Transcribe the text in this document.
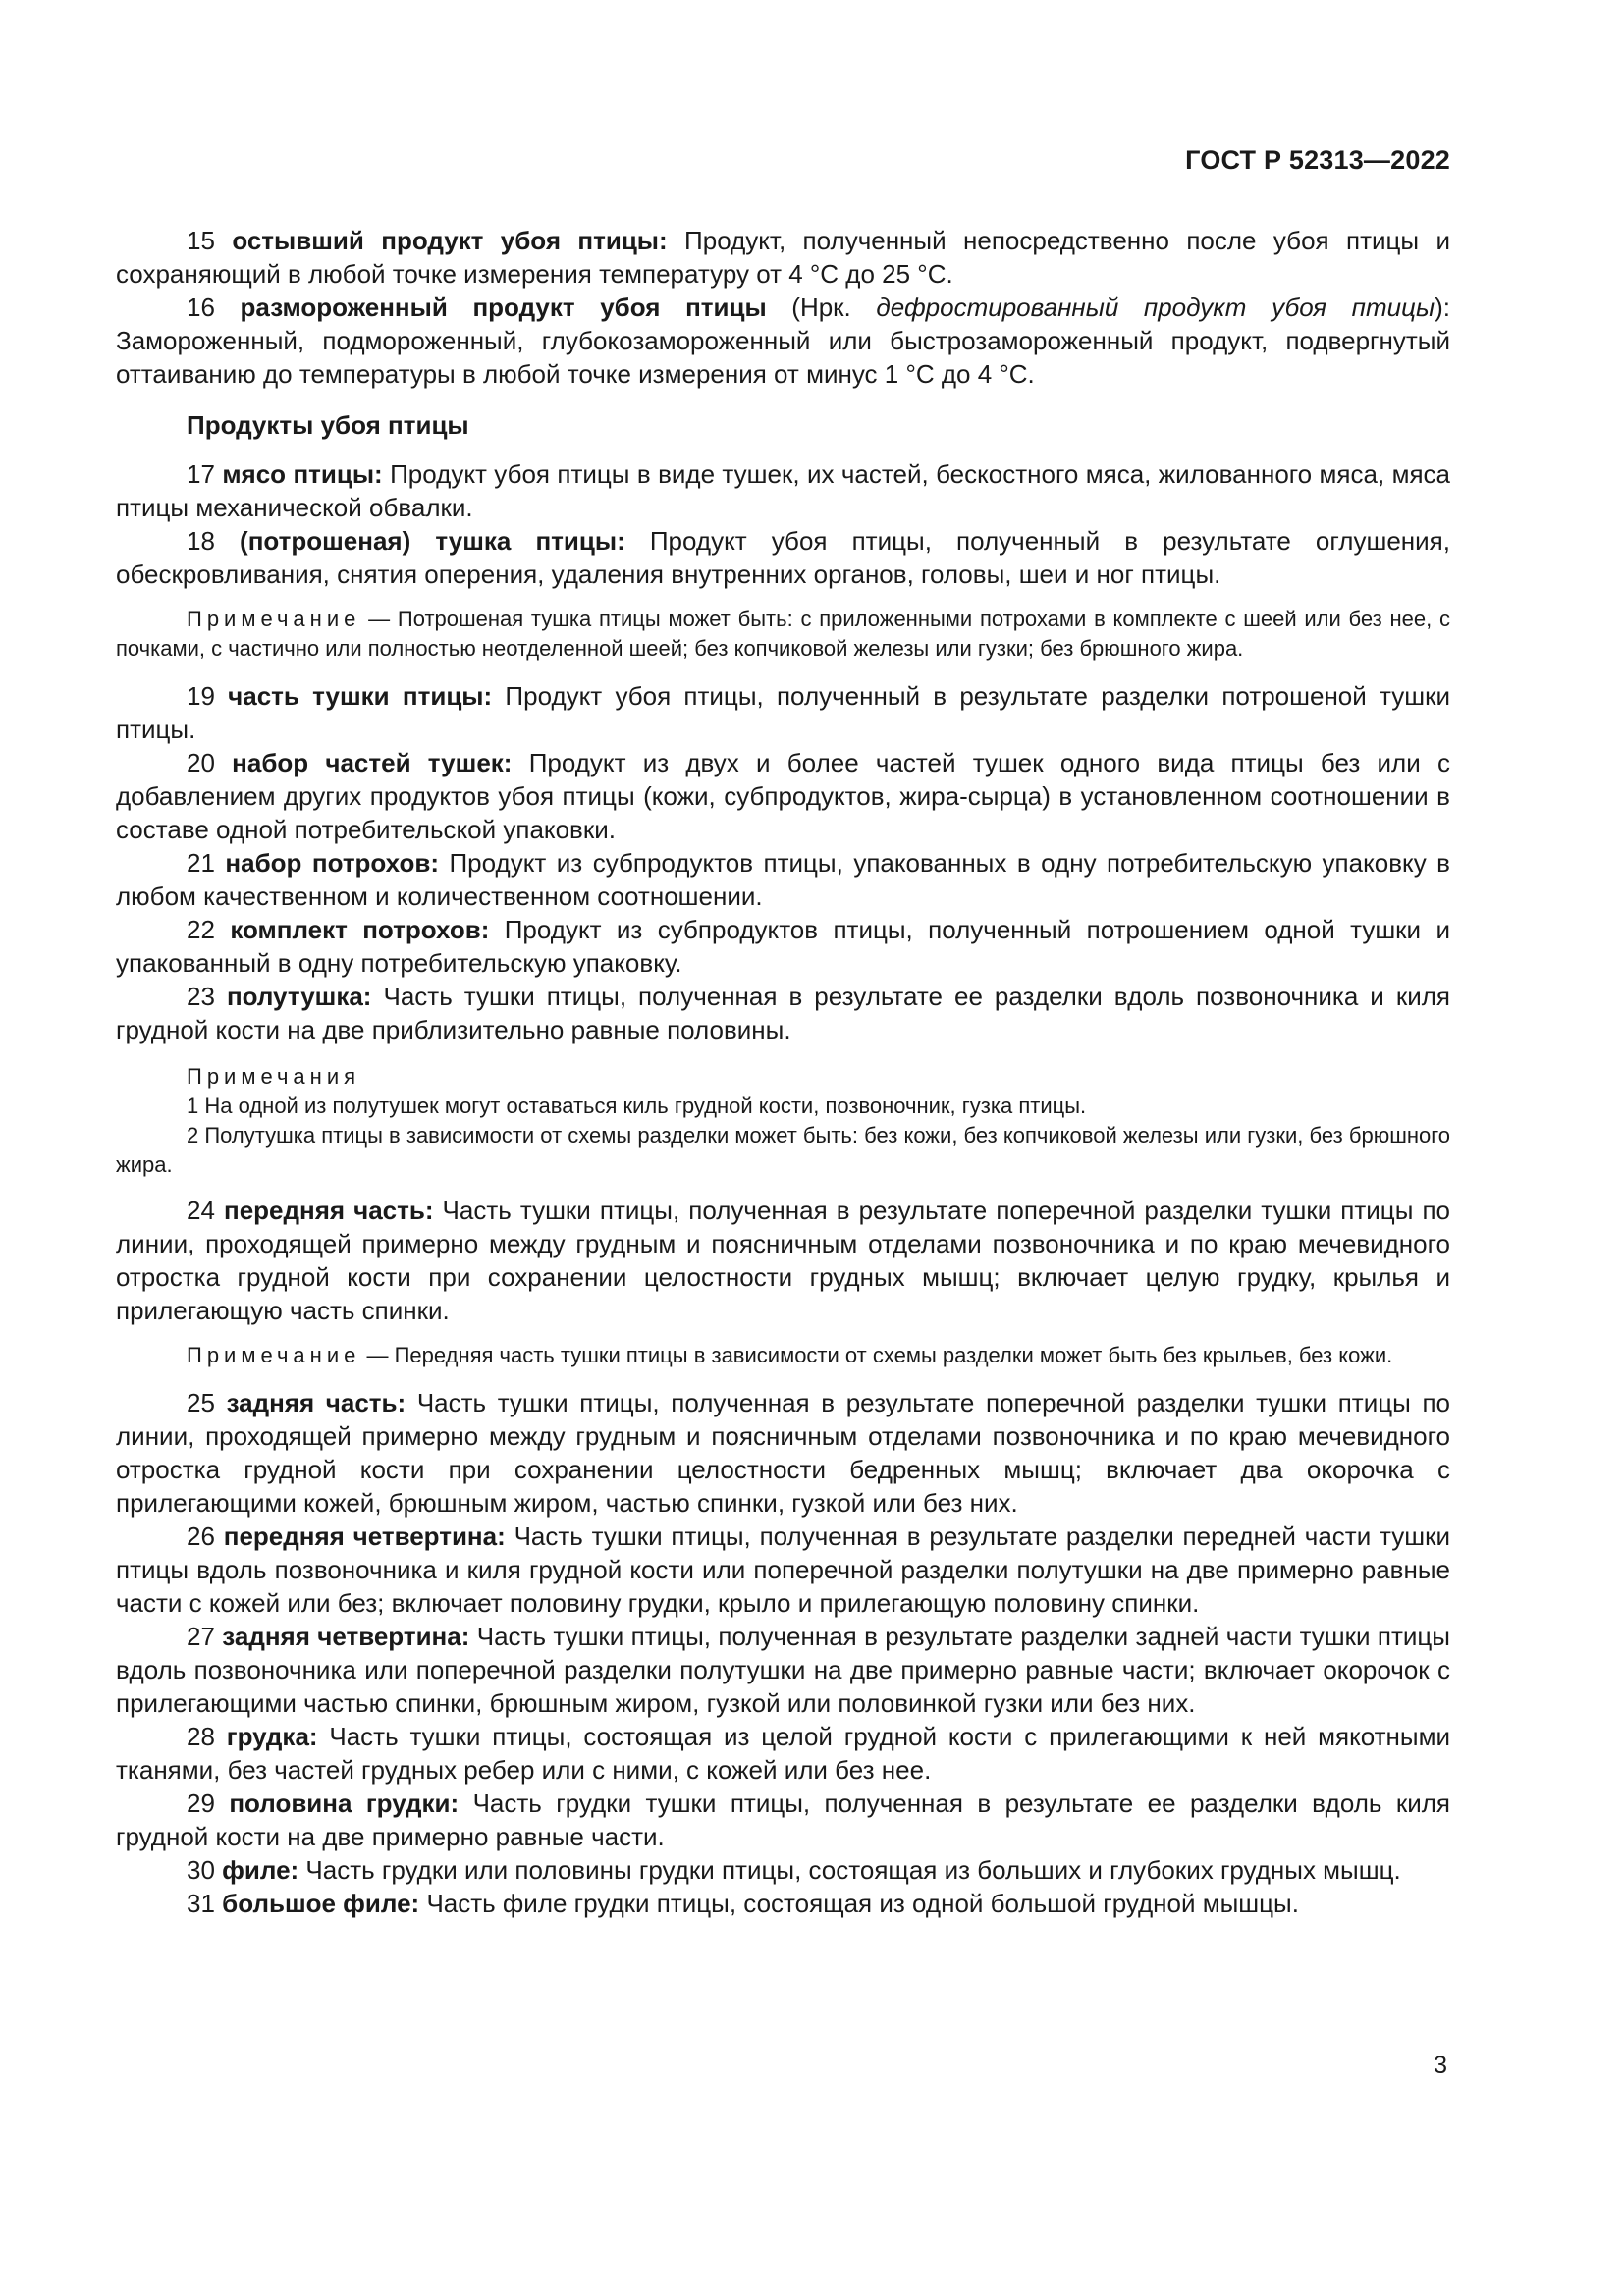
ГОСТ Р 52313—2022

15 остывший продукт убоя птицы: Продукт, полученный непосредственно после убоя птицы и сохраняющий в любой точке измерения температуру от 4 °С до 25 °С.

16 размороженный продукт убоя птицы (Нрк. дефростированный продукт убоя птицы): Замороженный, подмороженный, глубокозамороженный или быстрозамороженный продукт, подвергнутый оттаиванию до температуры в любой точке измерения от минус 1 °С до 4 °С.

Продукты убоя птицы

17 мясо птицы: Продукт убоя птицы в виде тушек, их частей, бескостного мяса, жилованного мяса, мяса птицы механической обвалки.

18 (потрошеная) тушка птицы: Продукт убоя птицы, полученный в результате оглушения, обескровливания, снятия оперения, удаления внутренних органов, головы, шеи и ног птицы.

Примечание — Потрошеная тушка птицы может быть: с приложенными потрохами в комплекте с шеей или без нее, с почками, с частично или полностью неотделенной шеей; без копчиковой железы или гузки; без брюшного жира.

19 часть тушки птицы: Продукт убоя птицы, полученный в результате разделки потрошеной тушки птицы.

20 набор частей тушек: Продукт из двух и более частей тушек одного вида птицы без или с добавлением других продуктов убоя птицы (кожи, субпродуктов, жира-сырца) в установленном соотношении в составе одной потребительской упаковки.

21 набор потрохов: Продукт из субпродуктов птицы, упакованных в одну потребительскую упаковку в любом качественном и количественном соотношении.

22 комплект потрохов: Продукт из субпродуктов птицы, полученный потрошением одной тушки и упакованный в одну потребительскую упаковку.

23 полутушка: Часть тушки птицы, полученная в результате ее разделки вдоль позвоночника и киля грудной кости на две приблизительно равные половины.

Примечания

1 На одной из полутушек могут оставаться киль грудной кости, позвоночник, гузка птицы.

2 Полутушка птицы в зависимости от схемы разделки может быть: без кожи, без копчиковой железы или гузки, без брюшного жира.

24 передняя часть: Часть тушки птицы, полученная в результате поперечной разделки тушки птицы по линии, проходящей примерно между грудным и поясничным отделами позвоночника и по краю мечевидного отростка грудной кости при сохранении целостности грудных мышц; включает целую грудку, крылья и прилегающую часть спинки.

Примечание — Передняя часть тушки птицы в зависимости от схемы разделки может быть без крыльев, без кожи.

25 задняя часть: Часть тушки птицы, полученная в результате поперечной разделки тушки птицы по линии, проходящей примерно между грудным и поясничным отделами позвоночника и по краю мечевидного отростка грудной кости при сохранении целостности бедренных мышц; включает два окорочка с прилегающими кожей, брюшным жиром, частью спинки, гузкой или без них.

26 передняя четвертина: Часть тушки птицы, полученная в результате разделки передней части тушки птицы вдоль позвоночника и киля грудной кости или поперечной разделки полутушки на две примерно равные части с кожей или без; включает половину грудки, крыло и прилегающую половину спинки.

27 задняя четвертина: Часть тушки птицы, полученная в результате разделки задней части тушки птицы вдоль позвоночника или поперечной разделки полутушки на две примерно равные части; включает окорочок с прилегающими частью спинки, брюшным жиром, гузкой или половинкой гузки или без них.

28 грудка: Часть тушки птицы, состоящая из целой грудной кости с прилегающими к ней мякотными тканями, без частей грудных ребер или с ними, с кожей или без нее.

29 половина грудки: Часть грудки тушки птицы, полученная в результате ее разделки вдоль киля грудной кости на две примерно равные части.

30 филе: Часть грудки или половины грудки птицы, состоящая из больших и глубоких грудных мышц.

31 большое филе: Часть филе грудки птицы, состоящая из одной большой грудной мышцы.

3
